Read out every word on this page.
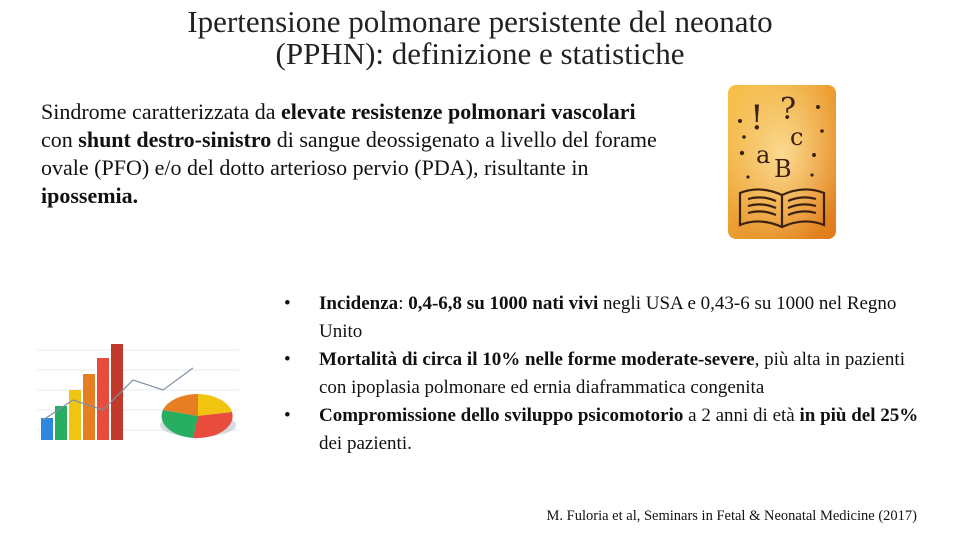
Ipertensione polmonare persistente del neonato
(PPHN): definizione e statistiche
Sindrome caratterizzata da elevate resistenze polmonari vascolari con shunt destro-sinistro di sangue deossigenato a livello del forame ovale (PFO) e/o del dotto arterioso pervio (PDA), risultante in ipossemia.
! ?
a
c
B
• Incidenza: 0,4-6,8 su 1000 nati vivi negli USA e 0,43-6 su 1000 nel Regno Unito
• Mortalità di circa il 10% nelle forme moderate-severe, più alta in pazienti con ipoplasia polmonare ed ernia diaframmatica congenita
• Compromissione dello sviluppo psicomotorio a 2 anni di età in più del 25% dei pazienti.
M. Fuloria et al, Seminars in Fetal & Neonatal Medicine (2017)
